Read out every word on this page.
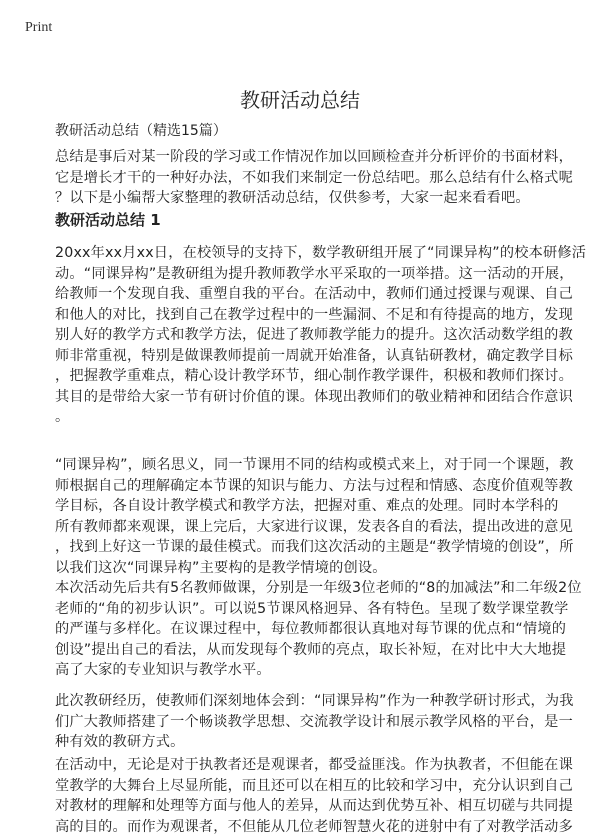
Print
教研活动总结
教研活动总结（精选15篇）
总结是事后对某一阶段的学习或工作情况作加以回顾检查并分析评价的书面材料，
它是增长才干的一种好办法，不如我们来制定一份总结吧。那么总结有什么格式呢
？以下是小编帮大家整理的教研活动总结，仅供参考，大家一起来看看吧。
教研活动总结 1
20xx年xx月xx日，在校领导的支持下，数学教研组开展了“同课异构”的校本研修活
动。“同课异构”是教研组为提升教师教学水平采取的一项举措。这一活动的开展，
给教师一个发现自我、重塑自我的平台。在活动中，教师们通过授课与观课、自己
和他人的对比，找到自己在教学过程中的一些漏洞、不足和有待提高的地方，发现
别人好的教学方式和教学方法，促进了教师教学能力的提升。这次活动数学组的教
师非常重视，特别是做课教师提前一周就开始准备，认真钻研教材，确定教学目标
，把握教学重难点，精心设计教学环节，细心制作教学课件，积极和教师们探讨。
其目的是带给大家一节有研讨价值的课。体现出教师们的敬业精神和团结合作意识
。
“同课异构”，顾名思义，同一节课用不同的结构或模式来上，对于同一个课题，教
师根据自己的理解确定本节课的知识与能力、方法与过程和情感、态度价值观等教
学目标，各自设计教学模式和教学方法，把握对重、难点的处理。同时本学科的
所有教师都来观课，课上完后，大家进行议课，发表各自的看法，提出改进的意见
，找到上好这一节课的最佳模式。而我们这次活动的主题是“教学情境的创设”，所
以我们这次“同课异构”主要构的是教学情境的创设。
本次活动先后共有5名教师做课，分别是一年级3位老师的“8的加减法”和二年级2位
老师的“角的初步认识”。可以说5节课风格迥异、各有特色。呈现了数学课堂教学
的严谨与多样化。在议课过程中，每位教师都很认真地对每节课的优点和“情境的
创设”提出自己的看法，从而发现每个教师的亮点，取长补短，在对比中大大地提
高了大家的专业知识与教学水平。
此次教研经历，使教师们深刻地体会到：“同课异构”作为一种教学研讨形式，为我
们广大教师搭建了一个畅谈教学思想、交流教学设计和展示教学风格的平台，是一
种有效的教研方式。
在活动中，无论是对于执教者还是观课者，都受益匪浅。作为执教者，不但能在课
堂教学的大舞台上尽显所能，而且还可以在相互的比较和学习中，充分认识到自己
对教材的理解和处理等方面与他人的差异，从而达到优势互补、相互切磋与共同提
高的目的。而作为观课者，不但能从几位老师智慧火花的迸射中有了对教学活动多
